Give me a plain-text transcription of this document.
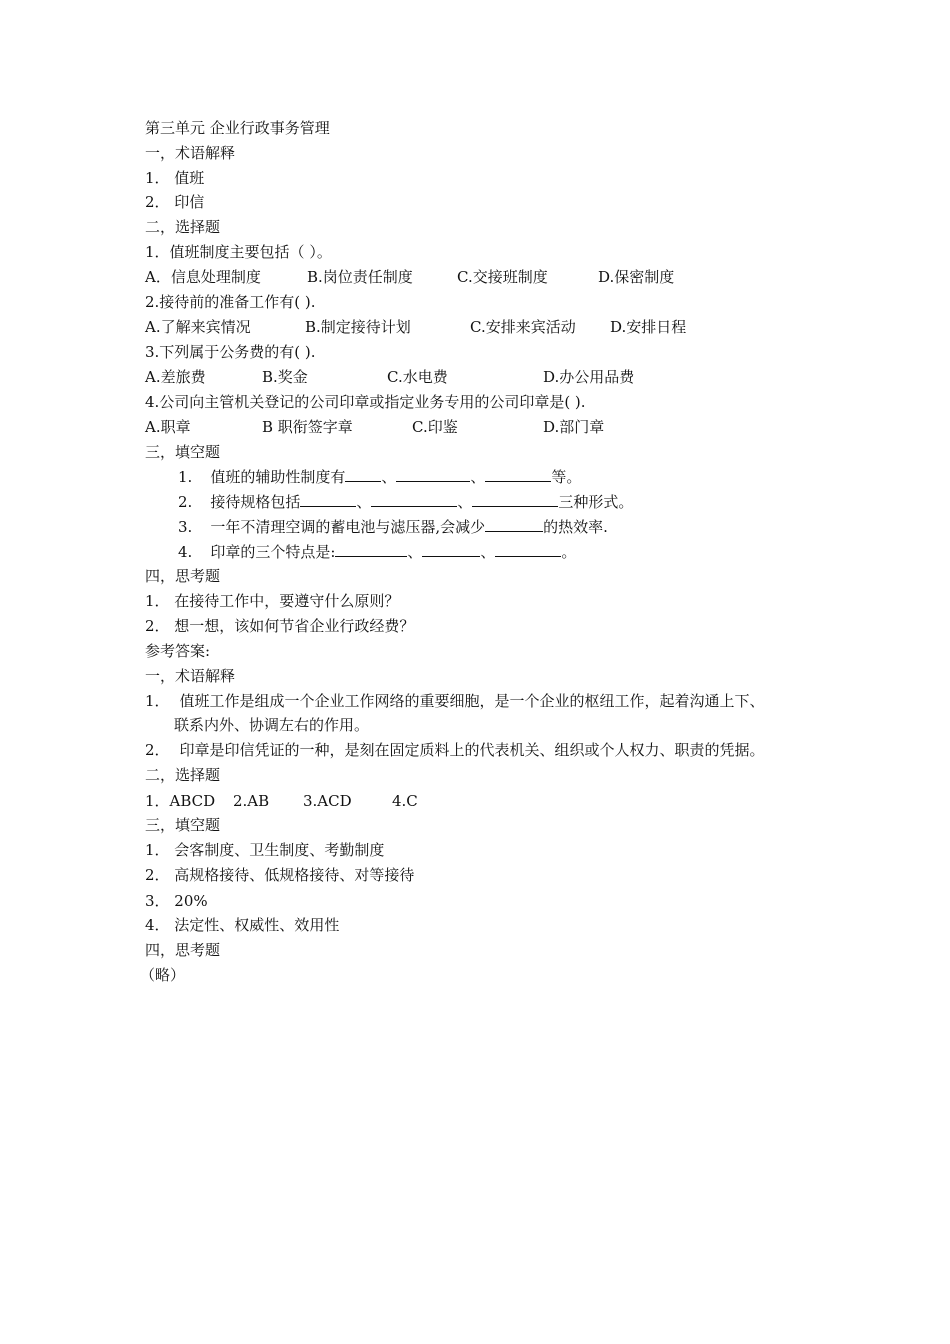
第三单元 企业行政事务管理
一，术语解释
1． 值班
2． 印信
二，选择题
1．值班制度主要包括（ ）。
A．信息处理制度	B.岗位责任制度	C.交接班制度	D.保密制度
2.接待前的准备工作有( ).
A.了解来宾情况	B.制定接待计划	C.安排来宾活动 D.安排日程
3.下列属于公务费的有( ).
A.差旅费	B.奖金	C.水电费	D.办公用品费
4.公司向主管机关登记的公司印章或指定业务专用的公司印章是( ).
A.职章	B 职衔签字章	C.印鉴	D.部门章
三，填空题
1. 值班的辅助性制度有 、	、	等。
2. 接待规格包括	、	、	三种形式。
3. 一年不清理空调的蓄电池与滤压器,会减少	的热效率.
4. 印章的三个特点是:	、	、	。
四，思考题
1． 在接待工作中，要遵守什么原则？
2． 想一想，该如何节省企业行政经费？
参考答案:
一，术语解释
1． 值班工作是组成一个企业工作网络的重要细胞，是一个企业的枢纽工作，起着沟通上下、
联系内外、协调左右的作用。
2． 印章是印信凭证的一种，是刻在固定质料上的代表机关、组织或个人权力、职责的凭据。
二，选择题
1．ABCD 2.AB 3.ACD	4.C
三，填空题
1． 会客制度、卫生制度、考勤制度
2． 高规格接待、低规格接待、对等接待
3． 20%
4． 法定性、权威性、效用性
四，思考题
（略）
